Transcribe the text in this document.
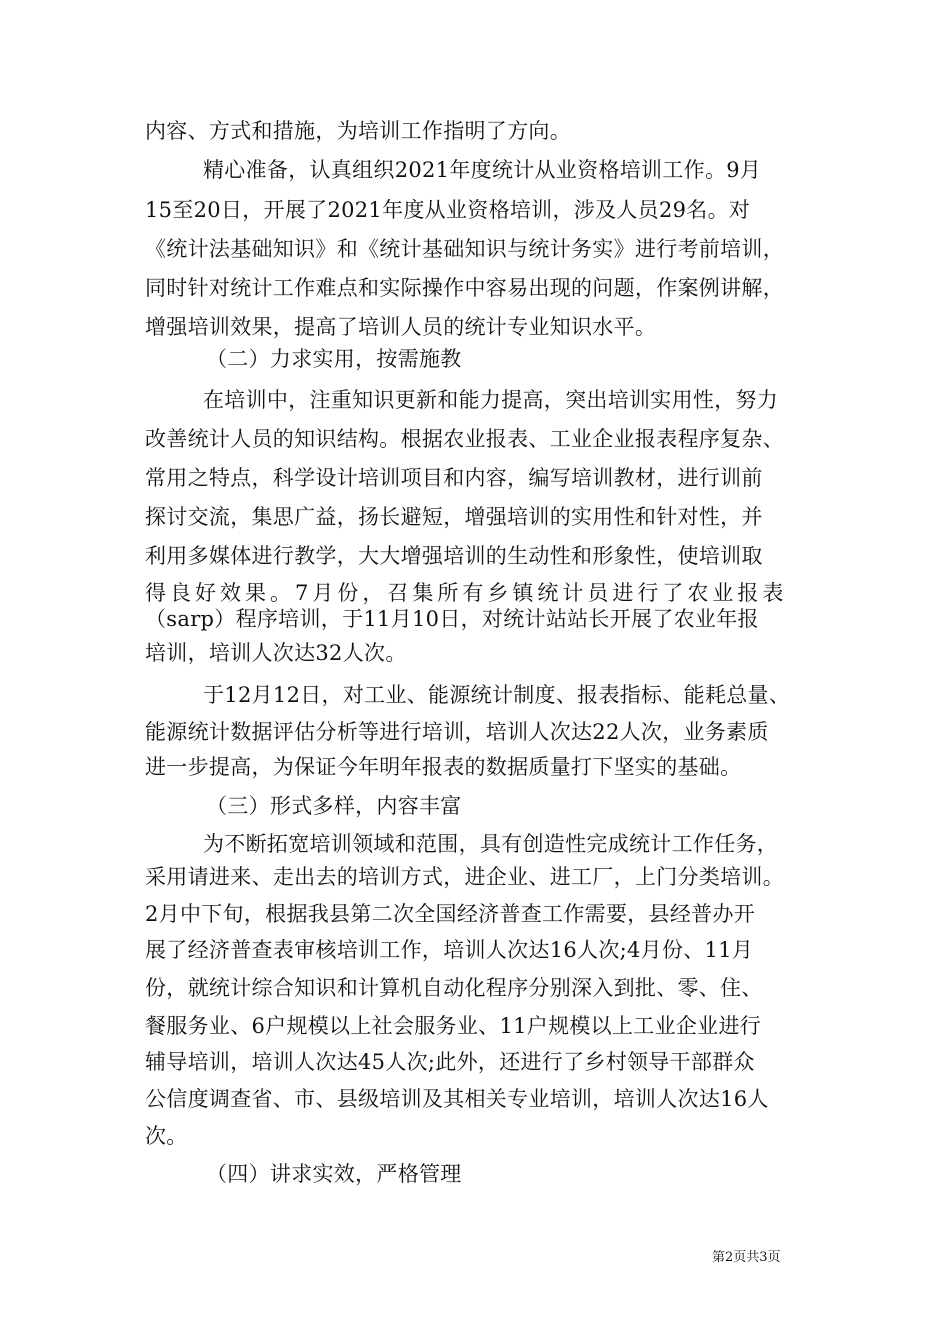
内容、方式和措施，为培训工作指明了方向。
精心准备，认真组织2021年度统计从业资格培训工作。9月
15至20日，开展了2021年度从业资格培训，涉及人员29名。对
《统计法基础知识》和《统计基础知识与统计务实》进行考前培训，
同时针对统计工作难点和实际操作中容易出现的问题，作案例讲解，
增强培训效果，提高了培训人员的统计专业知识水平。
（二）力求实用，按需施教
在培训中，注重知识更新和能力提高，突出培训实用性，努力
改善统计人员的知识结构。根据农业报表、工业企业报表程序复杂、
常用之特点，科学设计培训项目和内容，编写培训教材，进行训前
探讨交流，集思广益，扬长避短，增强培训的实用性和针对性，并
利用多媒体进行教学，大大增强培训的生动性和形象性，使培训取
得良好效果。7月份，召集所有乡镇统计员进行了农业报表
（sarp）程序培训，于11月10日，对统计站站长开展了农业年报
培训，培训人次达32人次。
于12月12日，对工业、能源统计制度、报表指标、能耗总量、
能源统计数据评估分析等进行培训，培训人次达22人次，业务素质
进一步提高，为保证今年明年报表的数据质量打下坚实的基础。
（三）形式多样，内容丰富
为不断拓宽培训领域和范围，具有创造性完成统计工作任务，
采用请进来、走出去的培训方式，进企业、进工厂，上门分类培训。
2月中下旬，根据我县第二次全国经济普查工作需要，县经普办开
展了经济普查表审核培训工作，培训人次达16人次;4月份、11月
份，就统计综合知识和计算机自动化程序分别深入到批、零、住、
餐服务业、6户规模以上社会服务业、11户规模以上工业企业进行
辅导培训，培训人次达45人次;此外，还进行了乡村领导干部群众
公信度调查省、市、县级培训及其相关专业培训，培训人次达16人
次。
（四）讲求实效，严格管理
第2页共3页
